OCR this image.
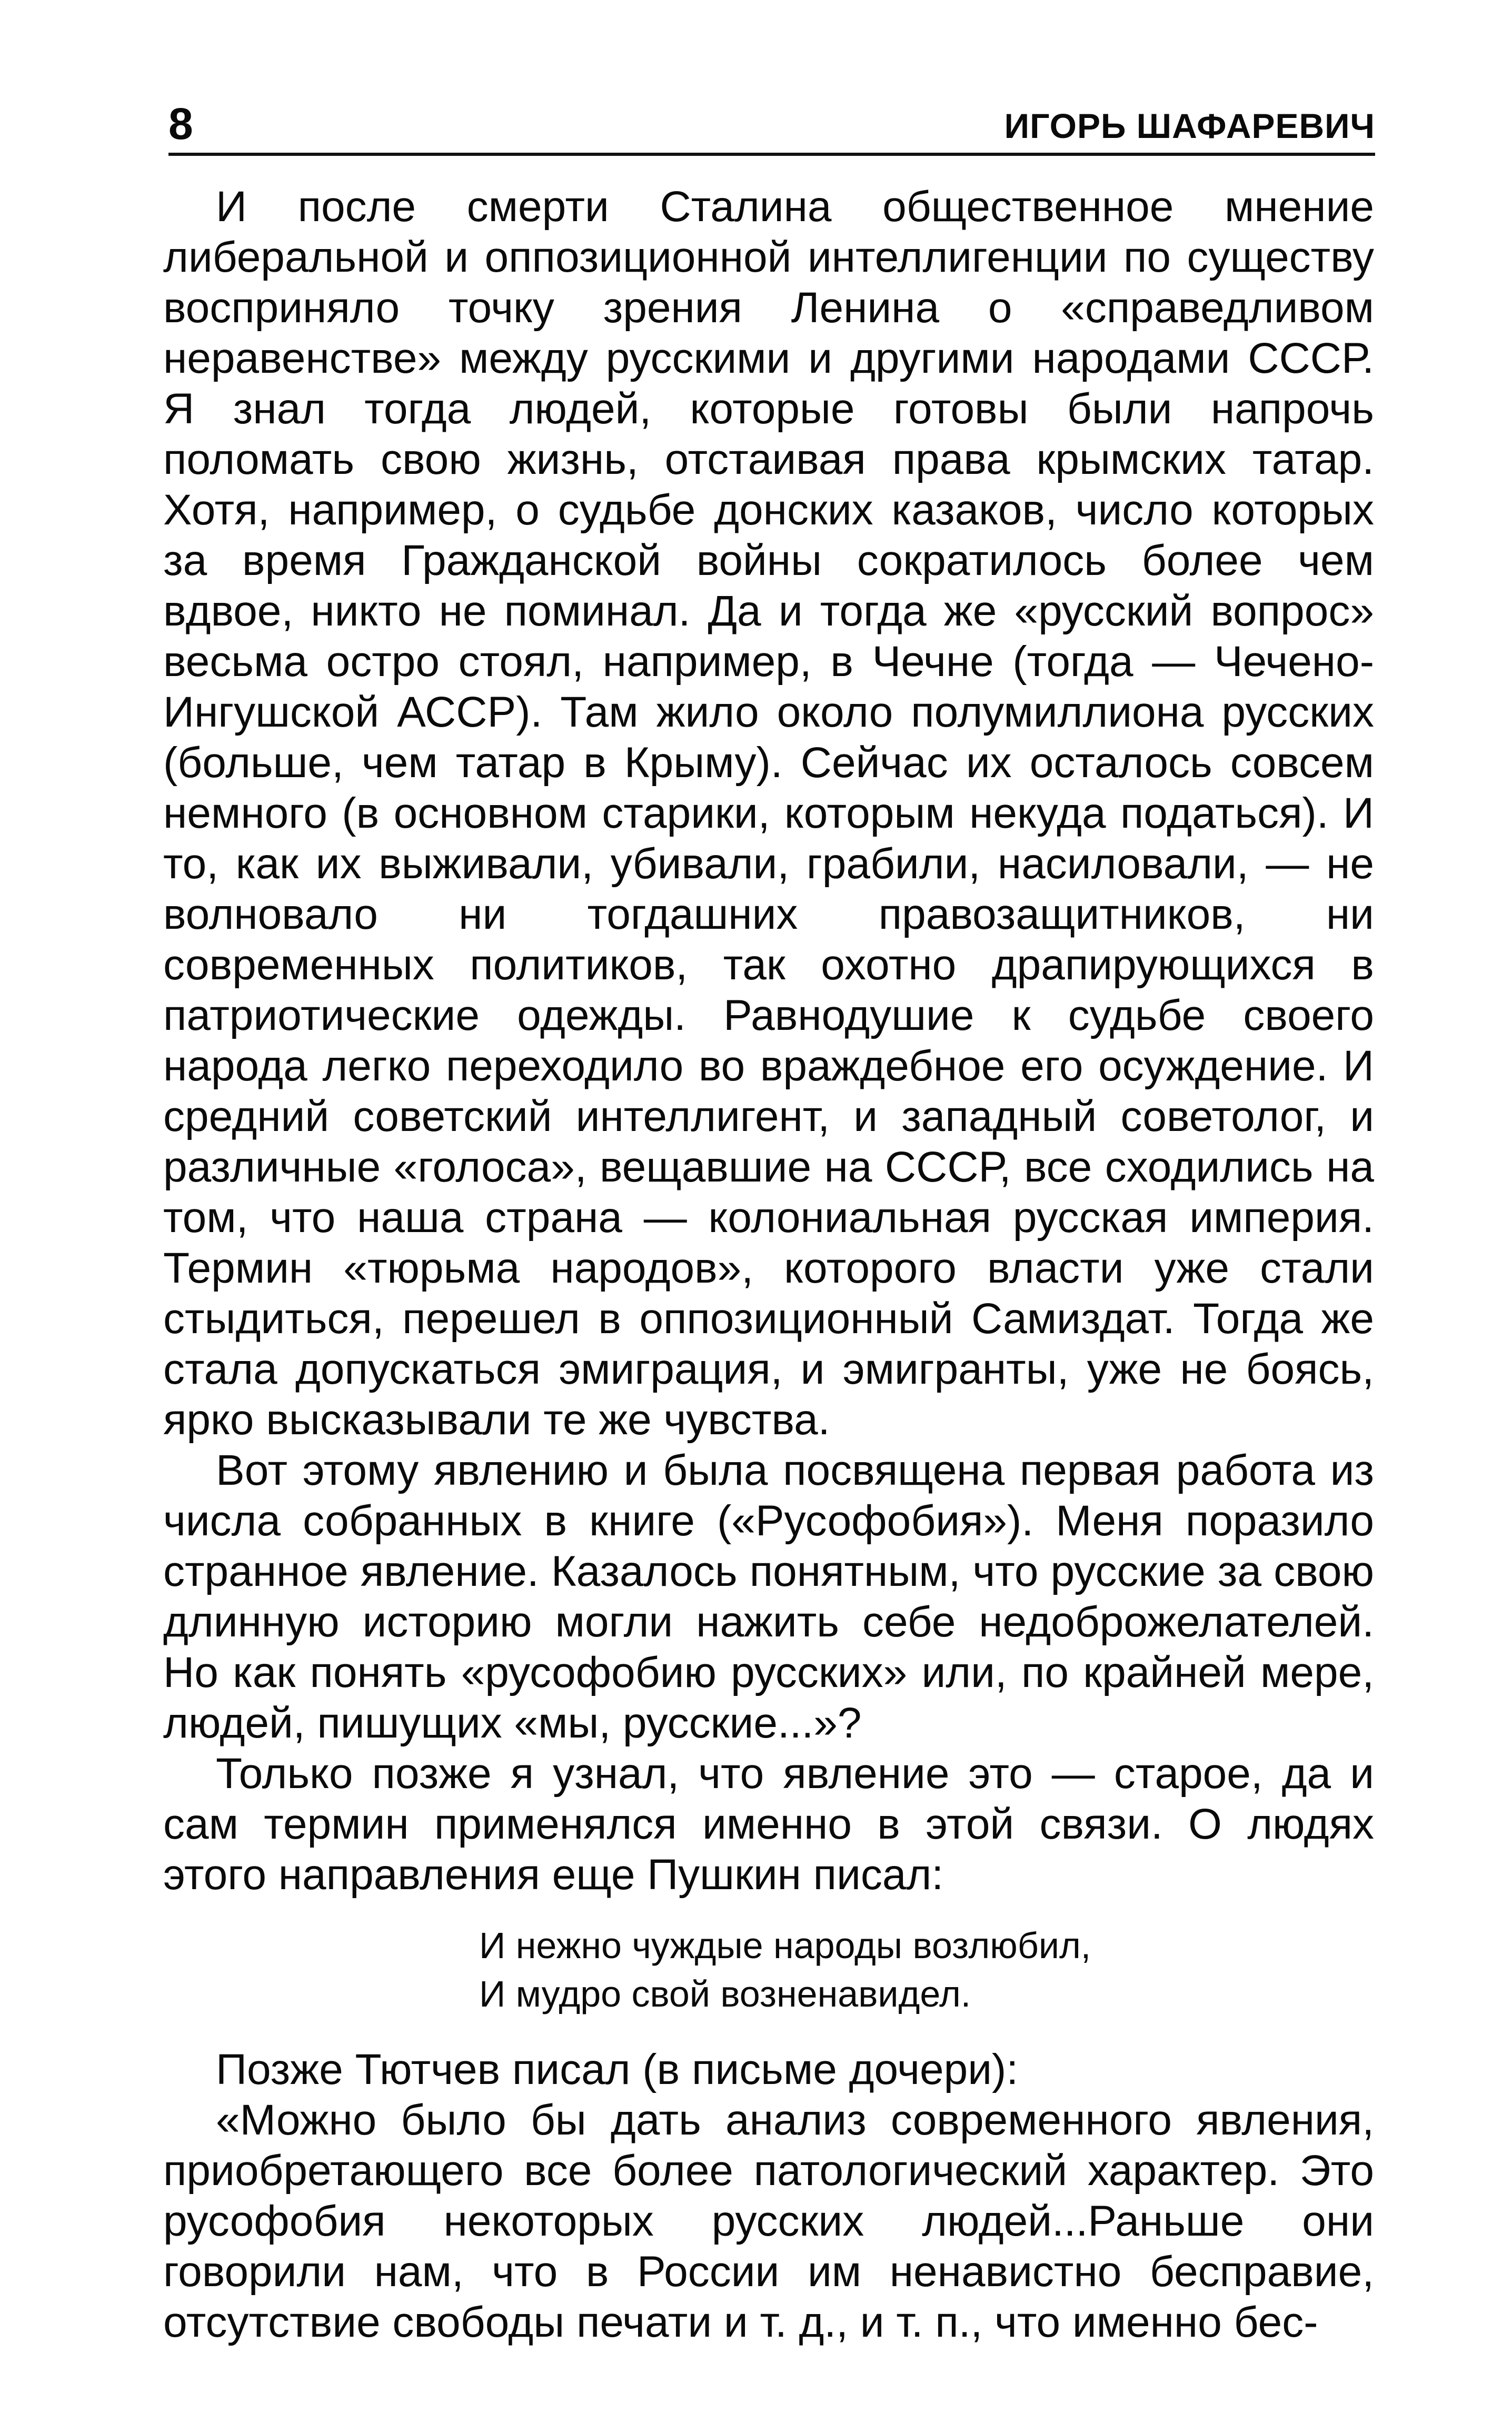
8	ИГОРЬ ШАФАРЕВИЧ

И после смерти Сталина общественное мнение либеральной и оппозиционной интеллигенции по существу восприняло точку зрения Ленина о «справедливом неравенстве» между русскими и другими народами СССР. Я знал тогда людей, которые готовы были напрочь поломать свою жизнь, отстаивая права крымских татар. Хотя, например, о судьбе донских казаков, число которых за время Гражданской войны сократилось более чем вдвое, никто не поминал. Да и тогда же «русский вопрос» весьма остро стоял, например, в Чечне (тогда — Чечено-Ингушской АССР). Там жило около полумиллиона русских (больше, чем татар в Крыму). Сейчас их осталось совсем немного (в основном старики, которым некуда податься). И то, как их выживали, убивали, грабили, насиловали, — не волновало ни тогдашних правозащитников, ни современных политиков, так охотно драпирующихся в патриотические одежды. Равнодушие к судьбе своего народа легко переходило во враждебное его осуждение. И средний советский интеллигент, и западный советолог, и различные «голоса», вещавшие на СССР, все сходились на том, что наша страна — колониальная русская империя. Термин «тюрьма народов», которого власти уже стали стыдиться, перешел в оппозиционный Самиздат. Тогда же стала допускаться эмиграция, и эмигранты, уже не боясь, ярко высказывали те же чувства.

Вот этому явлению и была посвящена первая работа из числа собранных в книге («Русофобия»). Меня поразило странное явление. Казалось понятным, что русские за свою длинную историю могли нажить себе недоброжелателей. Но как понять «русофобию русских» или, по крайней мере, людей, пишущих «мы, русские...»?

Только позже я узнал, что явление это — старое, да и сам термин применялся именно в этой связи. О людях этого направления еще Пушкин писал:

И нежно чуждые народы возлюбил,
И мудро свой возненавидел.

Позже Тютчев писал (в письме дочери):

«Можно было бы дать анализ современного явления, приобретающего все более патологический характер. Это русофобия некоторых русских людей...Раньше они говорили нам, что в России им ненавистно бесправие, отсутствие свободы печати и т. д., и т. п., что именно бес-
